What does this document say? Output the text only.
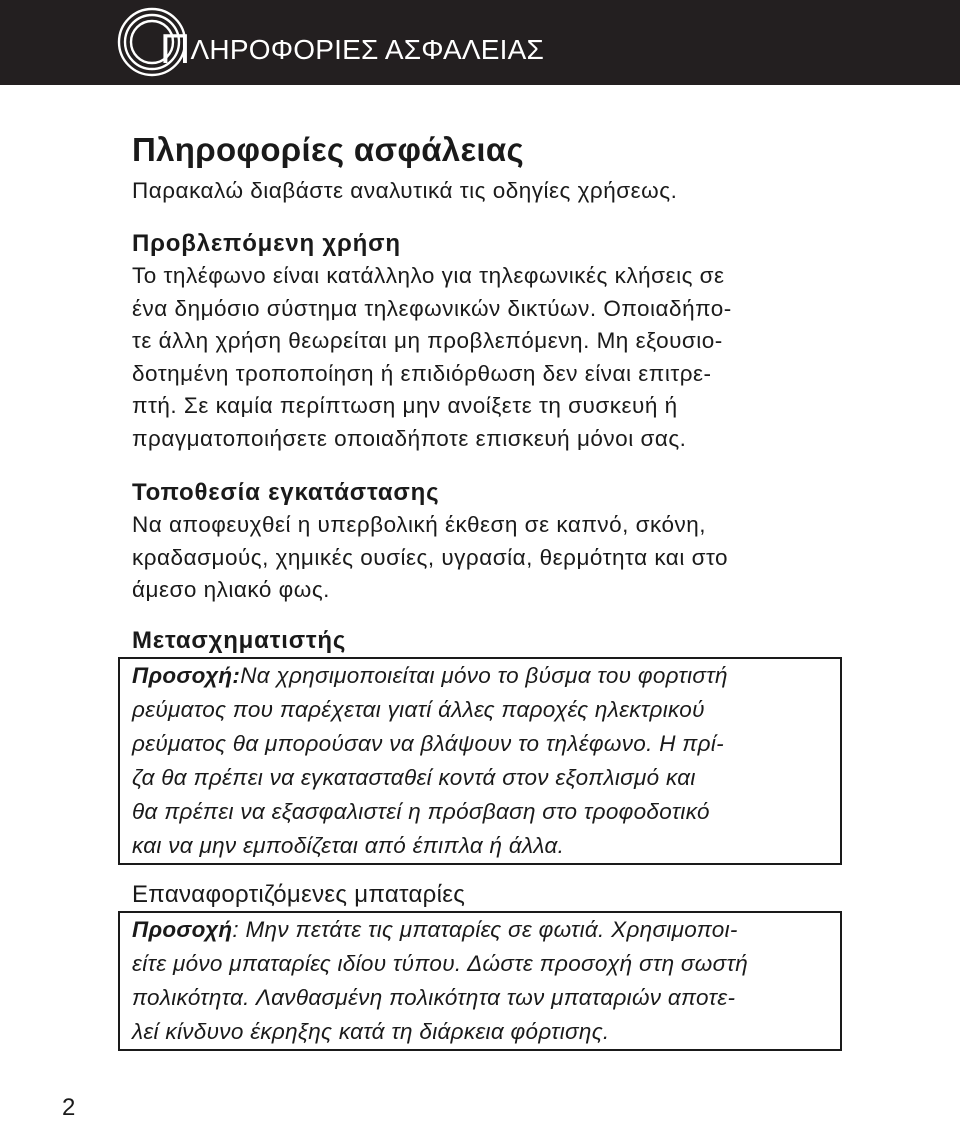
ΠΛΗΡΟΦΟΡΙΕΣ ΑΣΦΑΛΕΙΑΣ
Πληροφορίες ασφάλειας

Παρακαλώ διαβάστε αναλυτικά τις οδηγίες χρήσεως.

Προβλεπόμενη χρήση
Το τηλέφωνο είναι κατάλληλο για τηλεφωνικές κλήσεις σε
ένα δημόσιο σύστημα τηλεφωνικών δικτύων. Οποιαδήπο-
τε άλλη χρήση θεωρείται μη προβλεπόμενη. Μη εξουσιο-
δοτημένη τροποποίηση ή επιδιόρθωση δεν είναι επιτρε-
πτή. Σε καμία περίπτωση μην ανοίξετε τη συσκευή ή
πραγματοποιήσετε οποιαδήποτε επισκευή μόνοι σας.
Τοποθεσία εγκατάστασης
Να αποφευχθεί η υπερβολική έκθεση σε καπνό, σκόνη,
κραδασμούς, χημικές ουσίες, υγρασία, θερμότητα και στο
άμεσο ηλιακό φως.
Μετασχηματιστής
Προσοχή:Να χρησιμοποιείται μόνο το βύσμα του φορτιστή
ρεύματος που παρέχεται γιατί άλλες παροχές ηλεκτρικού
ρεύματος θα μπορούσαν να βλάψουν το τηλέφωνο. Η πρί-
ζα θα πρέπει να εγκατασταθεί κοντά στον εξοπλισμό και
θα πρέπει να εξασφαλιστεί η πρόσβαση στο τροφοδοτικό
και να μην εμποδίζεται από έπιπλα ή άλλα.
Επαναφορτιζόμενες μπαταρίες
Προσοχή: Μην πετάτε τις μπαταρίες σε φωτιά. Χρησιμοποι-
είτε μόνο μπαταρίες ιδίου τύπου. Δώστε προσοχή στη σωστή
πολικότητα. Λανθασμένη πολικότητα των μπαταριών αποτε-
λεί κίνδυνο έκρηξης κατά τη διάρκεια φόρτισης.
2
